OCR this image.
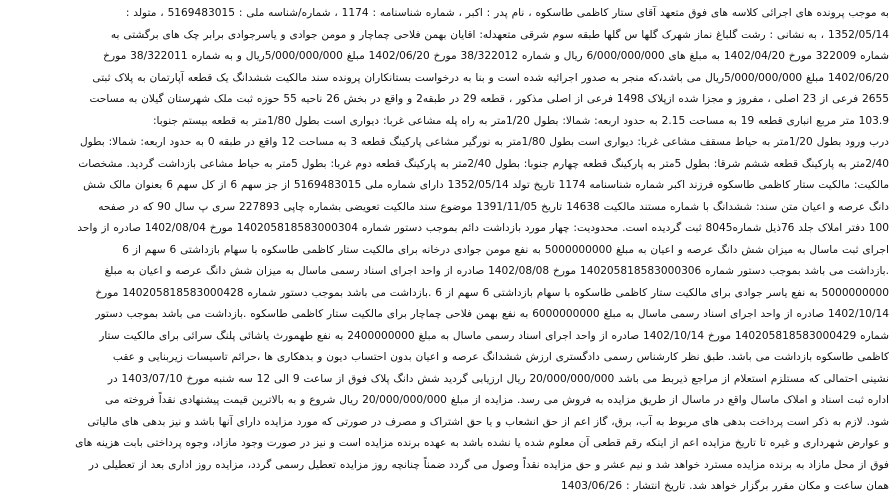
به موجب پرونده های اجرائی کلاسه های فوق متعهد آقای ستار کاظمی طاسکوه ، نام پدر : اکبر ، شماره شناسنامه : 1174 ، شماره/شناسه ملی : 5169483015 ، متولد :
1352/05/14 ، به نشانی : رشت گلباغ نماز شهرک گلها س گلها طبقه سوم شرقی متعهدله: اقایان بهمن فلاحی چماچار و مومن جوادی و یاسرجوادی برابر چک های برگشتی به
شماره 322009 مورخ 1402/04/20 به مبلغ های 6/000/000/000 ریال و شماره 38/322012 مورخ 1402/06/20 مبلغ 5/000/000/000ریال و به شماره 38/322011 مورخ
1402/06/20 مبلغ 5/000/000/000ریال می باشد،که منجر به صدور اجرائیه شده است و بنا به درخواست بستانکاران پرونده سند مالکیت ششدانگ یک قطعه آپارتمان به پلاک ثبتی
2655 فرعی از 23 اصلی ، مفروز و مجزا شده ازپلاک 1498 فرعی از اصلی مذکور ، قطعه 29 در طبقه2 و واقع در بخش 26 ناحیه 55 حوزه ثبت ملک شهرستان گیلان به مساحت
103.9 متر مربع انباری قطعه 19 به مساحت 2.15 به حدود اربعه: شمالا: بطول 1/20متر به راه پله مشاعی غربا: دیواری است بطول 1/80متر به قطعه بیستم جنوبا:
درب ورود بطول 1/20متر به حیاط مسقف مشاعی غربا: دیواری است بطول 1/80متر به نورگیر مشاعی پارکینگ قطعه 3 به مساحت 12 واقع در طبقه 0 به حدود اربعه: شمالا: بطول
2/40متر به پارکینگ قطعه ششم شرقا: بطول 5متر به پارکینگ قطعه چهارم جنوبا: بطول 2/40متر به پارکینگ قطعه دوم غربا: بطول 5متر به حیاط مشاعی بازداشت گردید. مشخصات
مالکیت: مالکیت ستار کاظمی طاسکوه فرزند اکبر شماره شناسنامه 1174 تاریخ تولد 1352/05/14 دارای شماره ملی 5169483015 از جز سهم 6 از کل سهم 6 بعنوان مالک شش
دانگ عرصه و اعیان متن سند: ششدانگ با شماره مستند مالکیت 14638 تاریخ 1391/11/05 موضوع سند مالکیت تعویضی بشماره چاپی 227893 سری پ سال 90 که در صفحه
100 دفتر املاک جلد 76ذیل شماره8045 ثبت گردیده است. محدودیت: چهار مورد بازداشت دائم بموجب دستور شماره 140205818583000304 مورخ 1402/08/04 صادره از واحد
اجرای ثبت ماسال به میزان شش دانگ عرصه و اعیان به مبلغ 5000000000 به نفع مومن جوادی درخانه برای مالکیت ستار کاظمی طاسکوه با سهام بازداشتی 6 سهم از 6
.بازداشت می باشد بموجب دستور شماره 140205818583000306 مورخ 1402/08/08 صادره از واحد اجرای اسناد رسمی ماسال به میزان شش دانگ عرصه و اعیان به مبلغ
5000000000 به نفع یاسر جوادی برای مالکیت ستار کاظمی طاسکوه با سهام بازداشتی 6 سهم از 6 .بازداشت می باشد بموجب دستور شماره 140205818583000428 مورخ
1402/10/14 صادره از واحد اجرای اسناد رسمی ماسال به مبلغ 6000000000 به نفع بهمن فلاحی چماچار برای مالکیت ستار کاظمی طاسکوه .بازداشت می باشد بموجب دستور
شماره 140205818583000429 مورخ 1402/10/14 صادره از واحد اجرای اسناد رسمی ماسال به مبلغ 2400000000 به نفع طهمورث یاشائی پلنگ سرائی برای مالکیت ستار
کاظمی طاسکوه بازداشت می باشد. طبق نظر کارشناس رسمی دادگستری ارزش ششدانگ عرصه و اعیان بدون احتساب دیون و بدهکاری ها ،حرائم تاسیسات زیربنایی و عقب
نشینی احتمالی که مستلزم استعلام از مراجع ذیربط می باشد 20/000/000/000 ریال ارزیابی گردید شش دانگ پلاک فوق از ساعت 9 الی 12 سه شنبه مورخ 1403/07/10 در
اداره ثبت اسناد و املاک ماسال واقع در ماسال از طریق مزایده به فروش می رسد. مزایده از مبلغ 20/000/000/000 ریال شروع و به بالاترین قیمت پیشنهادی نقداً فروخته می
شود. لازم به ذکر است پرداخت بدهی های مربوط به آب، برق، گاز اعم از حق انشعاب و یا حق اشتراک و مصرف در صورتی که مورد مزایده دارای آنها باشد و نیز بدهی های مالیاتی
و عوارض شهرداری و غیره تا تاریخ مزایده اعم از اینکه رقم قطعی آن معلوم شده یا نشده باشد به عهده برنده مزایده است و نیز در صورت وجود مازاد، وجوه پرداختی بابت هزینه های
فوق از محل مازاد به برنده مزایده مسترد خواهد شد و نیم عشر و حق مزایده نقداً وصول می گردد ضمناً چنانچه روز مزایده تعطیل رسمی گردد، مزایده روز اداری بعد از تعطیلی در
همان ساعت و مکان مقرر برگزار خواهد شد. تاریخ انتشار : 1403/06/26
